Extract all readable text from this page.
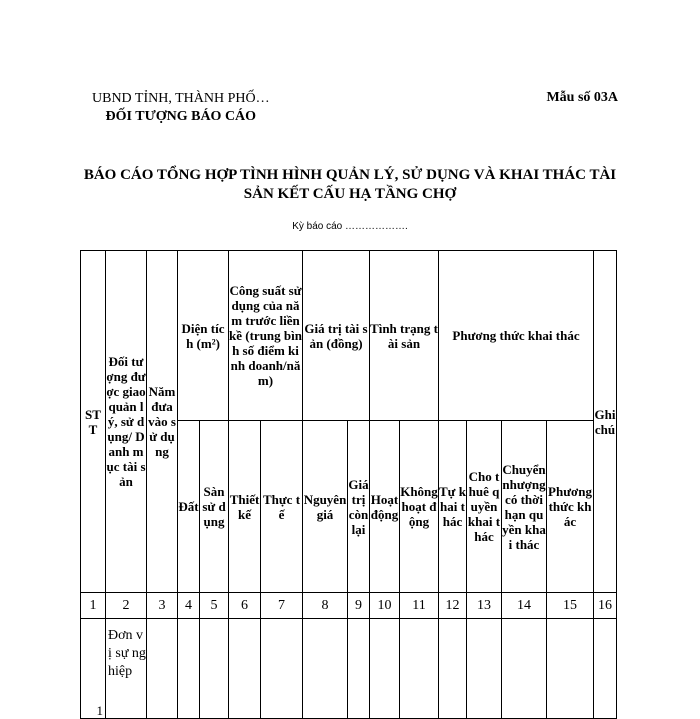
UBND TỈNH, THÀNH PHỐ…
ĐỐI TƯỢNG BÁO CÁO
Mẫu số 03A
BÁO CÁO TỔNG HỢP TÌNH HÌNH QUẢN LÝ, SỬ DỤNG VÀ KHAI THÁC TÀI SẢN KẾT CẤU HẠ TẦNG CHỢ
Kỳ báo cáo ……………….
STT	Đối tượng được giao quản lý, sử dụng/ Danh mục tài sản	Năm đưa vào sử dụng	Diện tích (m²)		Công suất sử dụng của năm trước liền kề (trung bình số điểm kinh doanh/năm)		Giá trị tài sản (đồng)		Tình trạng tài sản		Phương thức khai thác				Ghi chú
			Đất	Sàn sử dụng	Thiết kế	Thực tế	Nguyên giá	Giá trị còn lại	Hoạt động	Không hoạt động	Tự khai thác	Cho thuê quyền khai thác	Chuyển nhượng có thời hạn quyền khai thác	Phương thức khác	
1	2	3	4	5	6	7	8	9	10	11	12	13	14	15	16
1	Đơn vị sự nghiệp														
